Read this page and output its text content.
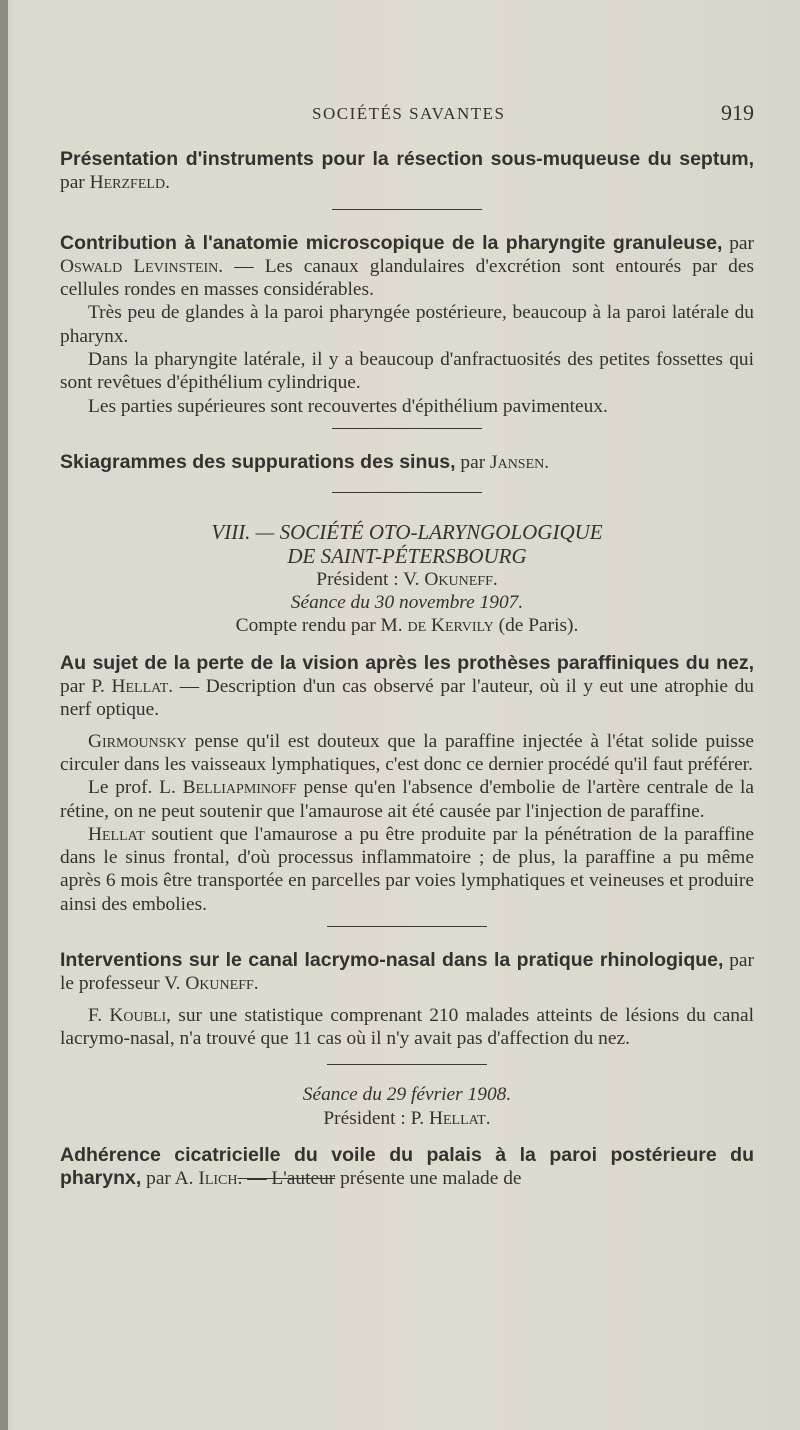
SOCIÉTÉS SAVANTES	919

Présentation d'instruments pour la résection sous-muqueuse du septum, par Herzfeld.

Contribution à l'anatomie microscopique de la pharyngite granuleuse, par Oswald Levinstein. — Les canaux glandulaires d'excrétion sont entourés par des cellules rondes en masses considérables.

Très peu de glandes à la paroi pharyngée postérieure, beaucoup à la paroi latérale du pharynx.

Dans la pharyngite latérale, il y a beaucoup d'anfractuosités des petites fossettes qui sont revêtues d'épithélium cylindrique.

Les parties supérieures sont recouvertes d'épithélium pavimenteux.

Skiagrammes des suppurations des sinus, par Jansen.

VIII. — SOCIÉTÉ OTO-LARYNGOLOGIQUE

DE SAINT-PÉTERSBOURG

Président : V. Okuneff.

Séance du 30 novembre 1907.

Compte rendu par M. de Kervily (de Paris).

Au sujet de la perte de la vision après les prothèses paraffiniques du nez, par P. Hellat. — Description d'un cas observé par l'auteur, où il y eut une atrophie du nerf optique.

Girmounsky pense qu'il est douteux que la paraffine injectée à l'état solide puisse circuler dans les vaisseaux lymphatiques, c'est donc ce dernier procédé qu'il faut préférer.

Le prof. L. Belliapminoff pense qu'en l'absence d'embolie de l'artère centrale de la rétine, on ne peut soutenir que l'amaurose ait été causée par l'injection de paraffine.

Hellat soutient que l'amaurose a pu être produite par la pénétration de la paraffine dans le sinus frontal, d'où processus inflammatoire ; de plus, la paraffine a pu même après 6 mois être transportée en parcelles par voies lymphatiques et veineuses et produire ainsi des embolies.

Interventions sur le canal lacrymo-nasal dans la pratique rhinologique, par le professeur V. Okuneff.

F. Koubli, sur une statistique comprenant 210 malades atteints de lésions du canal lacrymo-nasal, n'a trouvé que 11 cas où il n'y avait pas d'affection du nez.

Séance du 29 février 1908.

Président : P. Hellat.

Adhérence cicatricielle du voile du palais à la paroi postérieure du pharynx, par A. Ilich. — L'auteur présente une malade de
